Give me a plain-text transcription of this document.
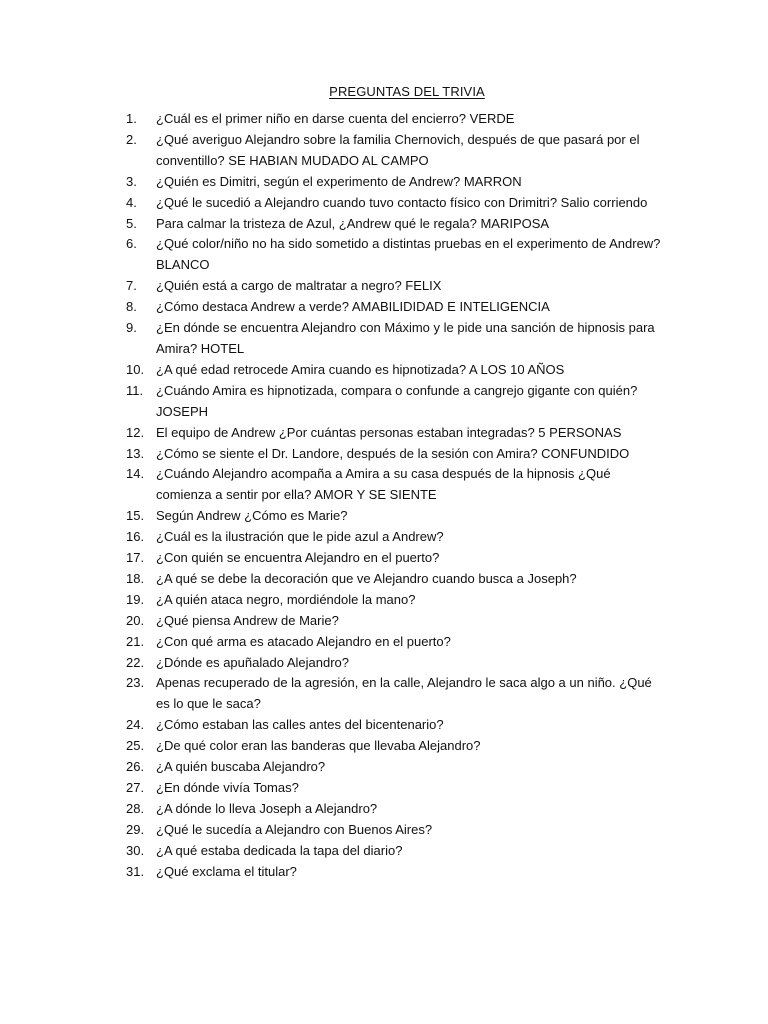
PREGUNTAS DEL TRIVIA
1.	¿Cuál es el primer niño en darse cuenta del encierro? VERDE
2.	¿Qué averiguo Alejandro sobre la familia Chernovich, después de que pasará por el conventillo? SE HABIAN MUDADO AL CAMPO
3.	¿Quién es Dimitri, según el experimento de Andrew? MARRON
4.	¿Qué le sucedió a Alejandro cuando tuvo contacto físico con Drimitri? Salio corriendo
5.	Para calmar la tristeza de Azul, ¿Andrew qué le regala? MARIPOSA
6.	¿Qué color/niño no ha sido sometido a distintas pruebas en el experimento de Andrew? BLANCO
7.	¿Quién está a cargo de maltratar a negro? FELIX
8.	¿Cómo destaca Andrew a verde? AMABILIDIDAD E INTELIGENCIA
9.	¿En dónde se encuentra Alejandro con Máximo y le pide una sanción de hipnosis para Amira? HOTEL
10. ¿A qué edad retrocede Amira cuando es hipnotizada? A LOS 10 AÑOS
11. ¿Cuándo Amira es hipnotizada, compara o confunde a cangrejo gigante con quién? JOSEPH
12. El equipo de Andrew ¿Por cuántas personas estaban integradas? 5 PERSONAS
13. ¿Cómo se siente el Dr. Landore, después de la sesión con Amira? CONFUNDIDO
14. ¿Cuándo Alejandro acompaña a Amira a su casa después de la hipnosis ¿Qué comienza a sentir por ella? AMOR Y SE SIENTE
15. Según Andrew ¿Cómo es Marie?
16. ¿Cuál es la ilustración que le pide azul a Andrew?
17. ¿Con quién se encuentra Alejandro en el puerto?
18. ¿A qué se debe la decoración que ve Alejandro cuando busca a Joseph?
19. ¿A quién ataca negro, mordiéndole la mano?
20. ¿Qué piensa Andrew de Marie?
21. ¿Con qué arma es atacado Alejandro en el puerto?
22. ¿Dónde es apuñalado Alejandro?
23. Apenas recuperado de la agresión, en la calle, Alejandro le saca algo a un niño. ¿Qué es lo que le saca?
24. ¿Cómo estaban las calles antes del bicentenario?
25. ¿De qué color eran las banderas que llevaba Alejandro?
26. ¿A quién buscaba Alejandro?
27. ¿En dónde vivía Tomas?
28. ¿A dónde lo lleva Joseph a Alejandro?
29. ¿Qué le sucedía a Alejandro con Buenos Aires?
30. ¿A qué estaba dedicada la tapa del diario?
31. ¿Qué exclama el titular?
